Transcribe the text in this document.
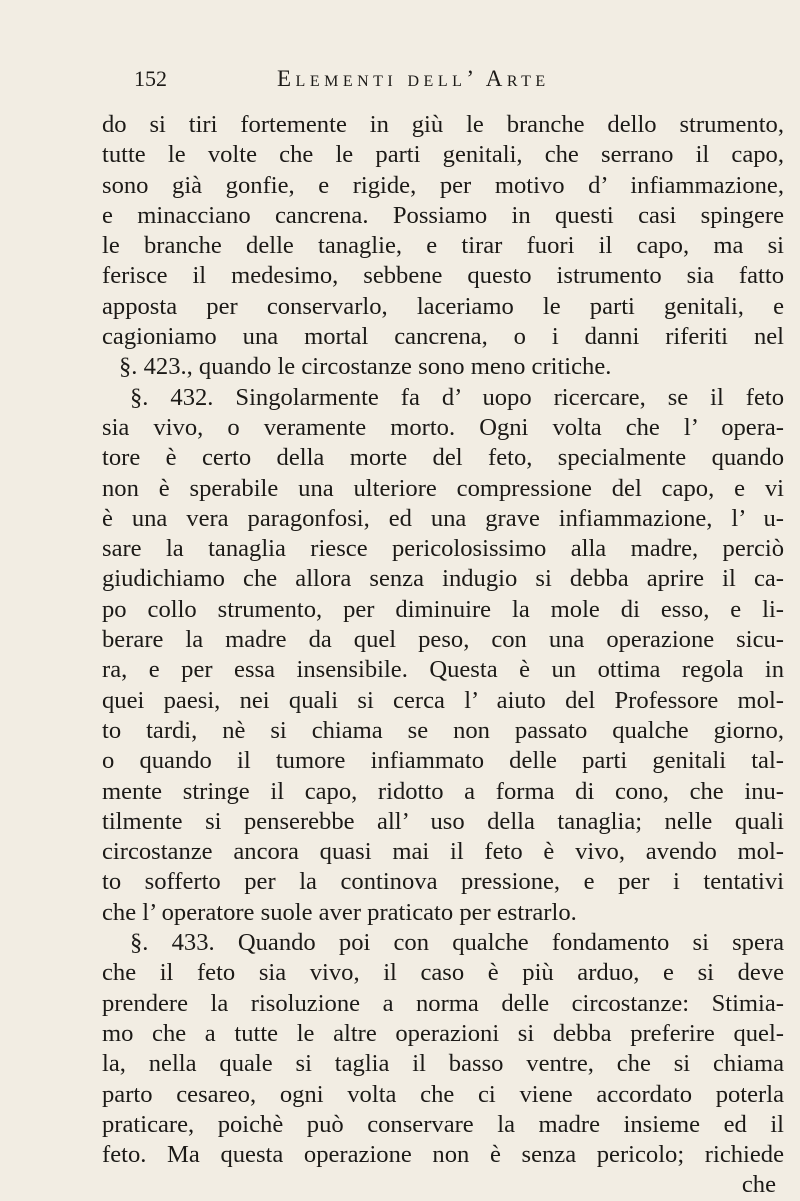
152	Elementi dell’ Arte
do si tiri fortemente in giù le branche dello strumento,
tutte le volte che le parti genitali, che serrano il capo,
sono già gonfie, e rigide, per motivo d’ infiammazione,
e minacciano cancrena. Possiamo in questi casi spingere
le branche delle tanaglie, e tirar fuori il capo, ma si
ferisce il medesimo, sebbene questo istrumento sia fatto
apposta per conservarlo, laceriamo le parti genitali, e
cagioniamo una mortal cancrena, o i danni riferiti nel
§. 423., quando le circostanze sono meno critiche.
§. 432. Singolarmente fa d’ uopo ricercare, se il feto
sia vivo, o veramente morto. Ogni volta che l’ opera-
tore è certo della morte del feto, specialmente quando
non è sperabile una ulteriore compressione del capo, e vi
è una vera paragonfosi, ed una grave infiammazione, l’ u-
sare la tanaglia riesce pericolosissimo alla madre, perciò
giudichiamo che allora senza indugio si debba aprire il ca-
po collo strumento, per diminuire la mole di esso, e li-
berare la madre da quel peso, con una operazione sicu-
ra, e per essa insensibile. Questa è un ottima regola in
quei paesi, nei quali si cerca l’ aiuto del Professore mol-
to tardi, nè si chiama se non passato qualche giorno,
o quando il tumore infiammato delle parti genitali tal-
mente stringe il capo, ridotto a forma di cono, che inu-
tilmente si penserebbe all’ uso della tanaglia; nelle quali
circostanze ancora quasi mai il feto è vivo, avendo mol-
to sofferto per la continova pressione, e per i tentativi
che l’ operatore suole aver praticato per estrarlo.
§. 433. Quando poi con qualche fondamento si spera
che il feto sia vivo, il caso è più arduo, e si deve
prendere la risoluzione a norma delle circostanze: Stimia-
mo che a tutte le altre operazioni si debba preferire quel-
la, nella quale si taglia il basso ventre, che si chiama
parto cesareo, ogni volta che ci viene accordato poterla
praticare, poichè può conservare la madre insieme ed il
feto. Ma questa operazione non è senza pericolo; richiede
che
